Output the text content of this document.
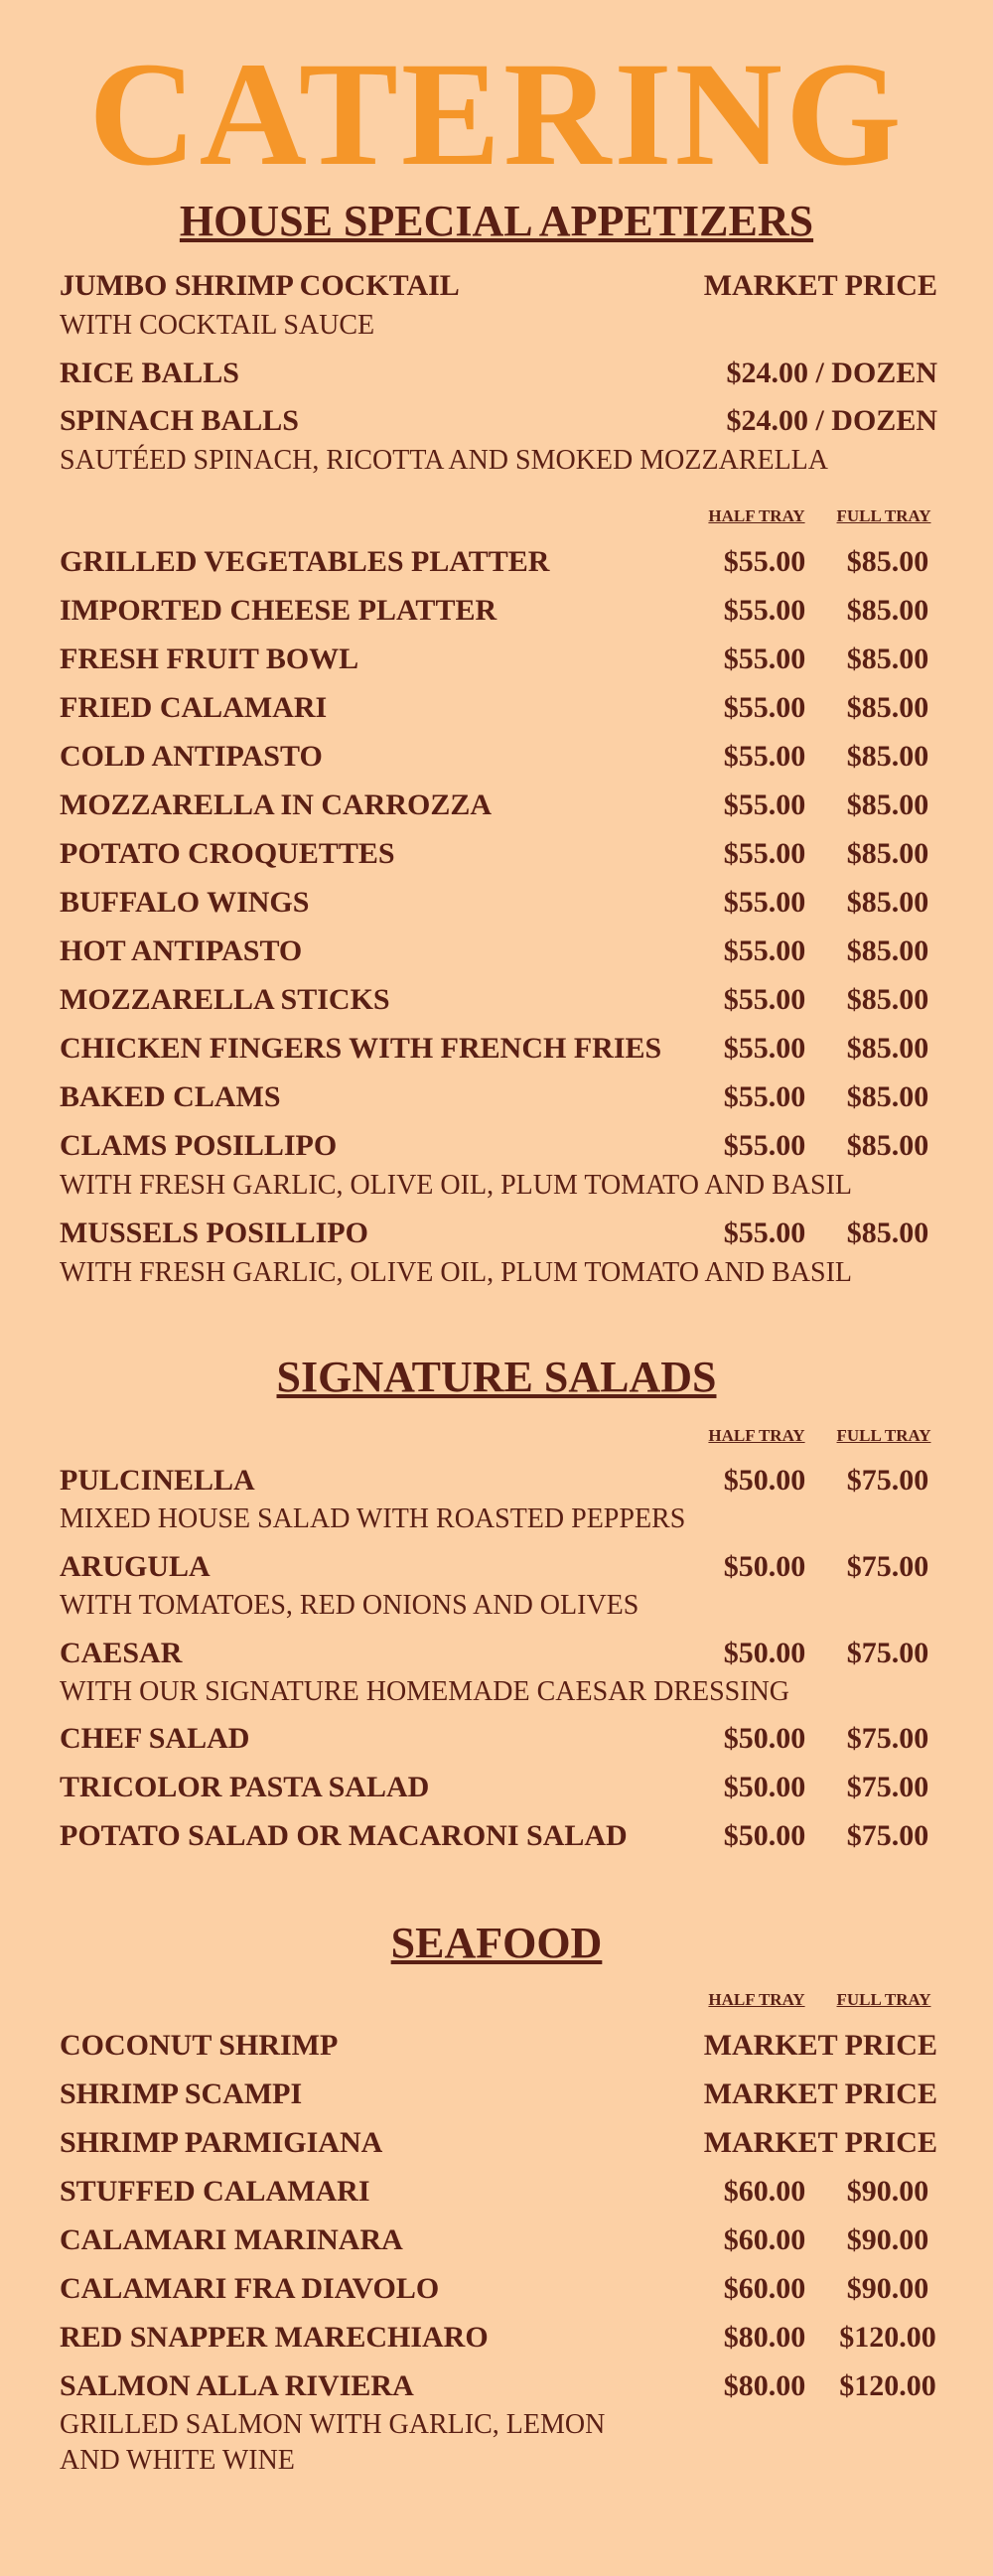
CATERING
HOUSE SPECIAL APPETIZERS
JUMBO SHRIMP COCKTAIL	MARKET PRICE
WITH COCKTAIL SAUCE
RICE BALLS	$24.00 / DOZEN
SPINACH BALLS	$24.00 / DOZEN
SAUTÉED SPINACH, RICOTTA AND SMOKED MOZZARELLA
HALF TRAY	FULL TRAY
GRILLED VEGETABLES PLATTER	$55.00 $85.00
IMPORTED CHEESE PLATTER	$55.00 $85.00
FRESH FRUIT BOWL	$55.00 $85.00
FRIED CALAMARI	$55.00 $85.00
COLD ANTIPASTO	$55.00 $85.00
MOZZARELLA IN CARROZZA	$55.00 $85.00
POTATO CROQUETTES	$55.00 $85.00
BUFFALO WINGS	$55.00 $85.00
HOT ANTIPASTO	$55.00 $85.00
MOZZARELLA STICKS	$55.00 $85.00
CHICKEN FINGERS WITH FRENCH FRIES $55.00 $85.00
BAKED CLAMS	$55.00 $85.00
CLAMS POSILLIPO	$55.00 $85.00
WITH FRESH GARLIC, OLIVE OIL, PLUM TOMATO AND BASIL
MUSSELS POSILLIPO	$55.00 $85.00
WITH FRESH GARLIC, OLIVE OIL, PLUM TOMATO AND BASIL
SIGNATURE SALADS
HALF TRAY	FULL TRAY
PULCINELLA	$50.00 $75.00
MIXED HOUSE SALAD WITH ROASTED PEPPERS
ARUGULA	$50.00 $75.00
WITH TOMATOES, RED ONIONS AND OLIVES
CAESAR	$50.00 $75.00
WITH OUR SIGNATURE HOMEMADE CAESAR DRESSING
CHEF SALAD	$50.00 $75.00
TRICOLOR PASTA SALAD	$50.00 $75.00
POTATO SALAD OR MACARONI SALAD	$50.00 $75.00
SEAFOOD
HALF TRAY	FULL TRAY
COCONUT SHRIMP	MARKET PRICE
SHRIMP SCAMPI	MARKET PRICE
SHRIMP PARMIGIANA	MARKET PRICE
STUFFED CALAMARI	$60.00 $90.00
CALAMARI MARINARA	$60.00 $90.00
CALAMARI FRA DIAVOLO	$60.00 $90.00
RED SNAPPER MARECHIARO	$80.00 $120.00
SALMON ALLA RIVIERA	$80.00 $120.00
GRILLED SALMON WITH GARLIC, LEMON
AND WHITE WINE
